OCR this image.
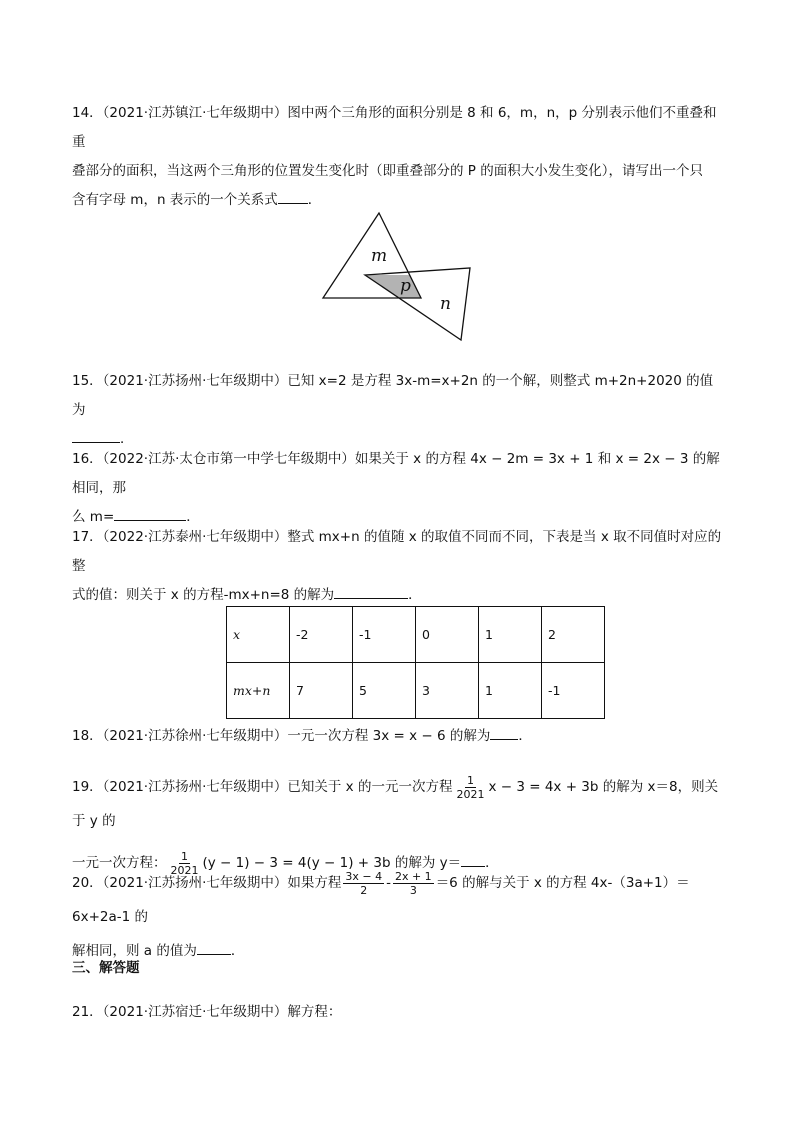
14．（2021·江苏镇江·七年级期中）图中两个三角形的面积分别是 8 和 6，m，n，p 分别表示他们不重叠和重
叠部分的面积，当这两个三角形的位置发生变化时（即重叠部分的 P 的面积大小发生变化），请写出一个只
含有字母 m，n 表示的一个关系式 ．
m
p
n
15．（2021·江苏扬州·七年级期中）已知 x=2 是方程 3x-m=x+2n 的一个解，则整式 m+2n+2020 的值为
．
16．（2022·江苏·太仓市第一中学七年级期中）如果关于 x 的方程 4x − 2m = 3x + 1 和 x = 2x − 3 的解相同，那
么 m=	．
17．（2022·江苏泰州·七年级期中）整式 mx+n 的值随 x 的取值不同而不同，下表是当 x 取不同值时对应的整
式的值：则关于 x 的方程-mx+n=8 的解为	．
x	-2	-1	0	1	2
mx+n	7	5	3	1	-1
18．（2021·江苏徐州·七年级期中）一元一次方程 3x = x − 6 的解为 ．
19．（2021·江苏扬州·七年级期中）已知关于 x 的一元一次方程 $\frac{1}{2021}$ x − 3 = 4x + 3b 的解为 x＝8，则关于 y 的
一元一次方程： $\frac{1}{2021} (y - 1) - 3 = 4(y - 1) + 3b$ 的解为 y＝ ．
20．（2021·江苏扬州·七年级期中）如果方程 $\frac{3x - 4}{2} - \frac{2x + 1}{3} =6$ 的解与关于 x 的方程 4x-（3a+1）＝6x+2a-1 的
解相同，则 a 的值为	．
三、解答题
21．（2021·江苏宿迁·七年级期中）解方程：
